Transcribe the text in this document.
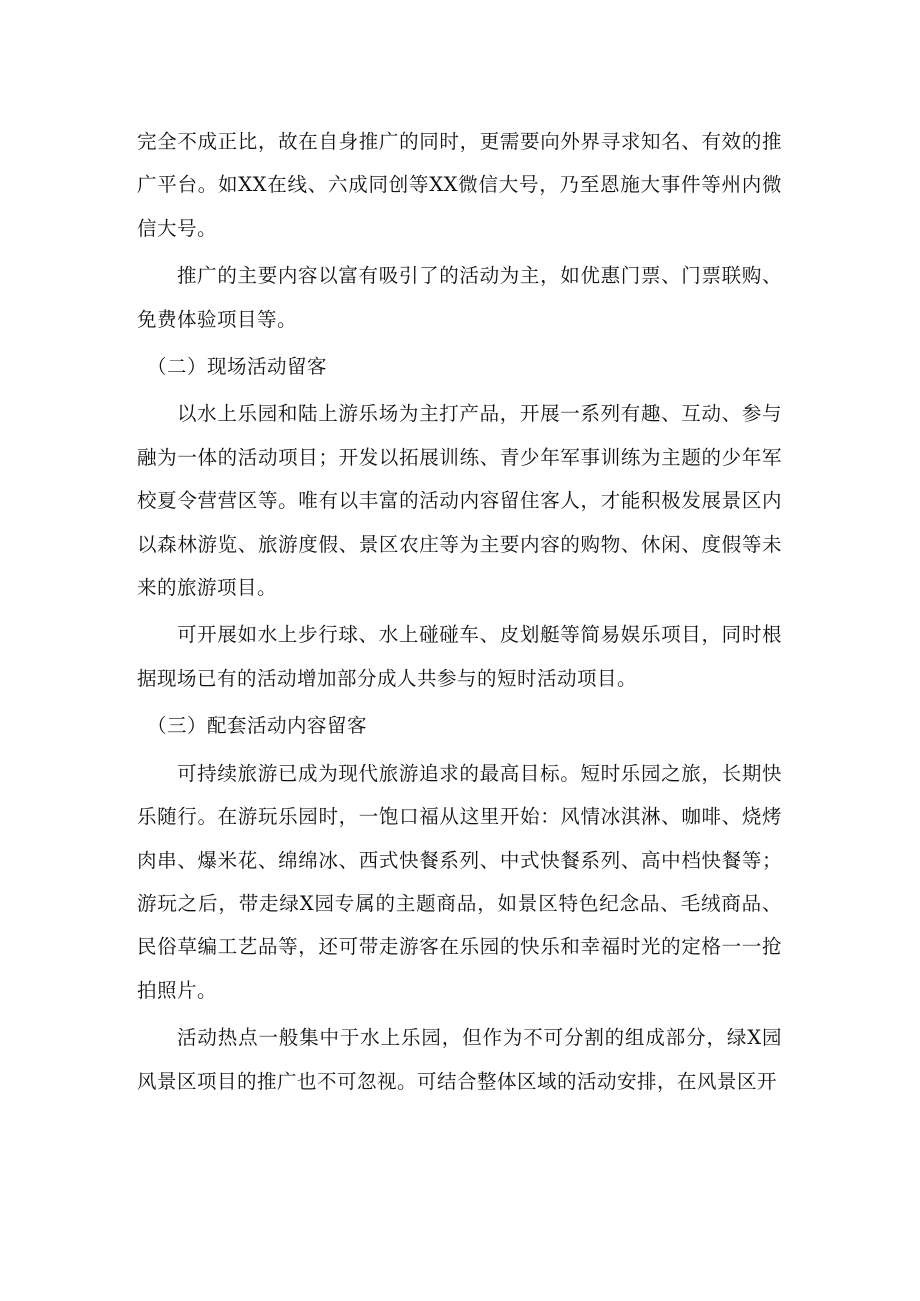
完全不成正比，故在自身推广的同时，更需要向外界寻求知名、有效的推广平台。如XX在线、六成同创等XX微信大号，乃至恩施大事件等州内微信大号。

推广的主要内容以富有吸引了的活动为主，如优惠门票、门票联购、免费体验项目等。

（二）现场活动留客

以水上乐园和陆上游乐场为主打产品，开展一系列有趣、互动、参与融为一体的活动项目；开发以拓展训练、青少年军事训练为主题的少年军校夏令营营区等。唯有以丰富的活动内容留住客人，才能积极发展景区内以森林游览、旅游度假、景区农庄等为主要内容的购物、休闲、度假等未来的旅游项目。

可开展如水上步行球、水上碰碰车、皮划艇等简易娱乐项目，同时根据现场已有的活动增加部分成人共参与的短时活动项目。

（三）配套活动内容留客

可持续旅游已成为现代旅游追求的最高目标。短时乐园之旅，长期快乐随行。在游玩乐园时，一饱口福从这里开始：风情冰淇淋、咖啡、烧烤肉串、爆米花、绵绵冰、西式快餐系列、中式快餐系列、高中档快餐等；游玩之后，带走绿X园专属的主题商品，如景区特色纪念品、毛绒商品、民俗草编工艺品等，还可带走游客在乐园的快乐和幸福时光的定格一一抢拍照片。

活动热点一般集中于水上乐园，但作为不可分割的组成部分，绿X园风景区项目的推广也不可忽视。可结合整体区域的活动安排，在风景区开
